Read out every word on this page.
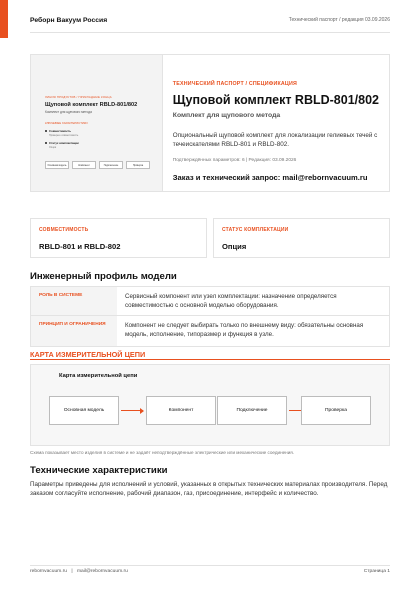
Реборн Вакуум Россия	Технический паспорт / редакция 03.09.2026
ЛИНИЯ ПРОДУКТОВ / ПРИКЛАДНЫЕ КОНЦА
Щуповой комплект RBLD-801/802
Комплект для щупового метода
КЛЮЧЕВЫЕ ХАРАКТЕРИСТИКИ
Совместимость
Проверьте совместимость
Статус комплектации
Опция
Основная модель	Компонент	Подключение	Проверка
ТЕХНИЧЕСКИЙ ПАСПОРТ / СПЕЦИФИКАЦИЯ
Щуповой комплект RBLD-801/802
Комплект для щупового метода
Опциональный щуповой комплект для локализации гелиевых течей с течеискателями RBLD-801 и RBLD-802.
Подтверждённых параметров: 6 | Редакция: 03.09.2026
Заказ и технический запрос: mail@rebornvacuum.ru
СОВМЕСТИМОСТЬ
RBLD-801 и RBLD-802
СТАТУС КОМПЛЕКТАЦИИ
Опция
Инженерный профиль модели
РОЛЬ В СИСТЕМЕ	Сервисный компонент или узел комплектации: назначение определяется совместимостью с основной моделью оборудования.
ПРИНЦИП И ОГРАНИЧЕНИЯ	Компонент не следует выбирать только по внешнему виду: обязательны основная модель, исполнение, типоразмер и функция в узле.
КАРТА ИЗМЕРИТЕЛЬНОЙ ЦЕПИ
Карта измерительной цепи
Основная модель	Компонент	Подключение	Проверка
Схема показывает место изделия в системе и не задаёт неподтверждённые электрические или механические соединения.
Технические характеристики
Параметры приведены для исполнений и условий, указанных в открытых технических материалах производителя. Перед заказом согласуйте исполнение, рабочий диапазон, газ, присоединение, интерфейс и количество.
rebornvacuum.ru | mail@rebornvacuum.ru	Страница 1
